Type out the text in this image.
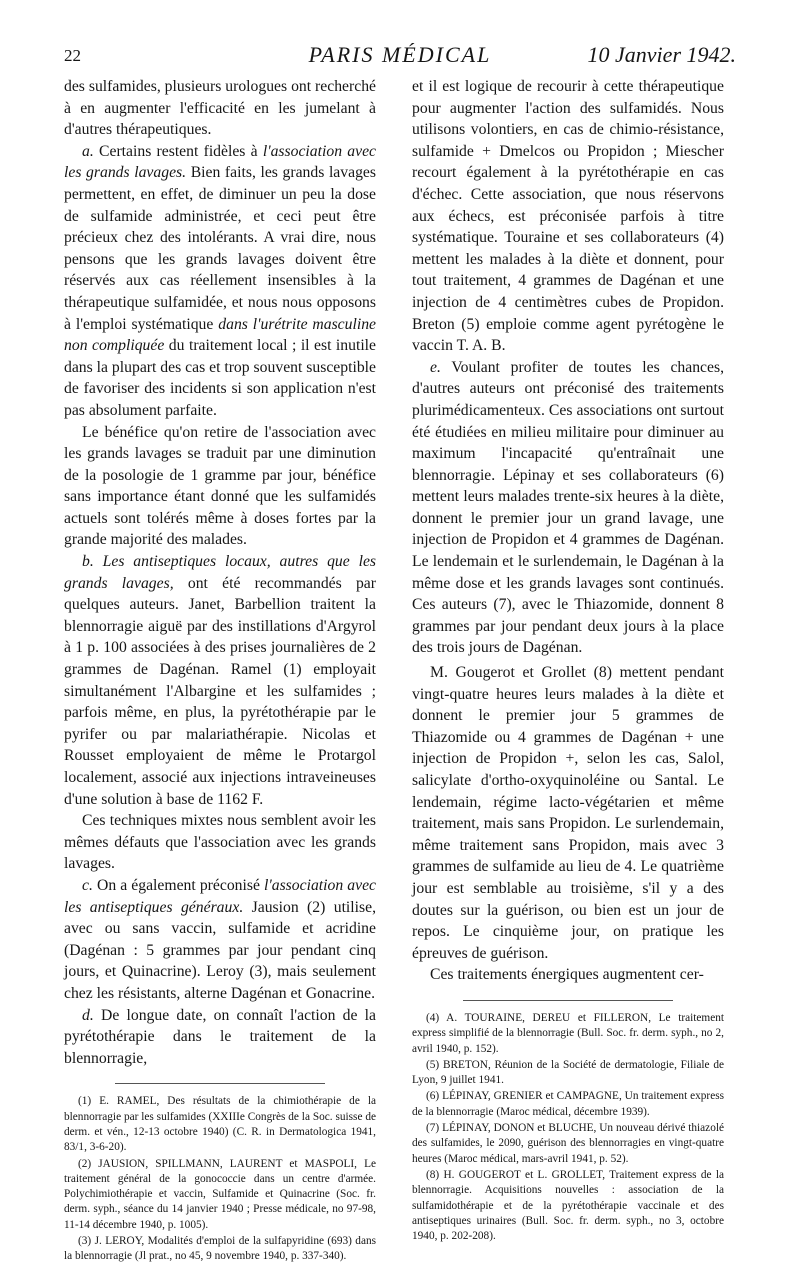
22	PARIS MÉDICAL	10 Janvier 1942.

des sulfamides, plusieurs urologues ont recherché à en augmenter l'efficacité en les jumelant à d'autres thérapeutiques.

a. Certains restent fidèles à l'association avec les grands lavages. Bien faits, les grands lavages permettent, en effet, de diminuer un peu la dose de sulfamide administrée, et ceci peut être précieux chez des intolérants. A vrai dire, nous pensons que les grands lavages doivent être réservés aux cas réellement insensibles à la thérapeutique sulfamidée, et nous nous opposons à l'emploi systématique dans l'urétrite masculine non compliquée du traitement local ; il est inutile dans la plupart des cas et trop souvent susceptible de favoriser des incidents si son application n'est pas absolument parfaite.

Le bénéfice qu'on retire de l'association avec les grands lavages se traduit par une diminution de la posologie de 1 gramme par jour, bénéfice sans importance étant donné que les sulfamidés actuels sont tolérés même à doses fortes par la grande majorité des malades.

b. Les antiseptiques locaux, autres que les grands lavages, ont été recommandés par quelques auteurs. Janet, Barbellion traitent la blennorragie aiguë par des instillations d'Argyrol à 1 p. 100 associées à des prises journalières de 2 grammes de Dagénan. Ramel (1) employait simultanément l'Albargine et les sulfamides ; parfois même, en plus, la pyrétothérapie par le pyrifer ou par malariathérapie. Nicolas et Rousset employaient de même le Protargol localement, associé aux injections intraveineuses d'une solution à base de 1162 F.

Ces techniques mixtes nous semblent avoir les mêmes défauts que l'association avec les grands lavages.

c. On a également préconisé l'association avec les antiseptiques généraux. Jausion (2) utilise, avec ou sans vaccin, sulfamide et acridine (Dagénan : 5 grammes par jour pendant cinq jours, et Quinacrine). Leroy (3), mais seulement chez les résistants, alterne Dagénan et Gonacrine.

d. De longue date, on connaît l'action de la pyrétothérapie dans le traitement de la blennorragie,

(1) E. RAMEL, Des résultats de la chimiothérapie de la blennorragie par les sulfamides (XXIIIe Congrès de la Soc. suisse de derm. et vén., 12-13 octobre 1940) (C. R. in Dermatologica 1941, 83/1, 3-6-20).

(2) JAUSION, SPILLMANN, LAURENT et MASPOLI, Le traitement général de la gonococcie dans un centre d'armée. Polychimiothérapie et vaccin, Sulfamide et Quinacrine (Soc. fr. derm. syph., séance du 14 janvier 1940 ; Presse médicale, no 97-98, 11-14 décembre 1940, p. 1005).

(3) J. LEROY, Modalités d'emploi de la sulfapyridine (693) dans la blennorragie (Jl prat., no 45, 9 novembre 1940, p. 337-340).

et il est logique de recourir à cette thérapeutique pour augmenter l'action des sulfamidés. Nous utilisons volontiers, en cas de chimio-résistance, sulfamide + Dmelcos ou Propidon ; Miescher recourt également à la pyrétothérapie en cas d'échec. Cette association, que nous réservons aux échecs, est préconisée parfois à titre systématique. Touraine et ses collaborateurs (4) mettent les malades à la diète et donnent, pour tout traitement, 4 grammes de Dagénan et une injection de 4 centimètres cubes de Propidon. Breton (5) emploie comme agent pyrétogène le vaccin T. A. B.

e. Voulant profiter de toutes les chances, d'autres auteurs ont préconisé des traitements plurimédicamenteux. Ces associations ont surtout été étudiées en milieu militaire pour diminuer au maximum l'incapacité qu'entraînait une blennorragie. Lépinay et ses collaborateurs (6) mettent leurs malades trente-six heures à la diète, donnent le premier jour un grand lavage, une injection de Propidon et 4 grammes de Dagénan. Le lendemain et le surlendemain, le Dagénan à la même dose et les grands lavages sont continués. Ces auteurs (7), avec le Thiazomide, donnent 8 grammes par jour pendant deux jours à la place des trois jours de Dagénan.

M. Gougerot et Grollet (8) mettent pendant vingt-quatre heures leurs malades à la diète et donnent le premier jour 5 grammes de Thiazomide ou 4 grammes de Dagénan + une injection de Propidon +, selon les cas, Salol, salicylate d'ortho-oxyquinoléine ou Santal. Le lendemain, régime lacto-végétarien et même traitement, mais sans Propidon. Le surlendemain, même traitement sans Propidon, mais avec 3 grammes de sulfamide au lieu de 4. Le quatrième jour est semblable au troisième, s'il y a des doutes sur la guérison, ou bien est un jour de repos. Le cinquième jour, on pratique les épreuves de guérison.

Ces traitements énergiques augmentent cer-

(4) A. TOURAINE, DEREU et FILLERON, Le traitement express simplifié de la blennorragie (Bull. Soc. fr. derm. syph., no 2, avril 1940, p. 152).

(5) BRETON, Réunion de la Société de dermatologie, Filiale de Lyon, 9 juillet 1941.

(6) LÉPINAY, GRENIER et CAMPAGNE, Un traitement express de la blennorragie (Maroc médical, décembre 1939).

(7) LÉPINAY, DONON et BLUCHE, Un nouveau dérivé thiazolé des sulfamides, le 2090, guérison des blennorragies en vingt-quatre heures (Maroc médical, mars-avril 1941, p. 52).

(8) H. GOUGEROT et L. GROLLET, Traitement express de la blennorragie. Acquisitions nouvelles : association de la sulfamidothérapie et de la pyrétothérapie vaccinale et des antiseptiques urinaires (Bull. Soc. fr. derm. syph., no 3, octobre 1940, p. 202-208).
